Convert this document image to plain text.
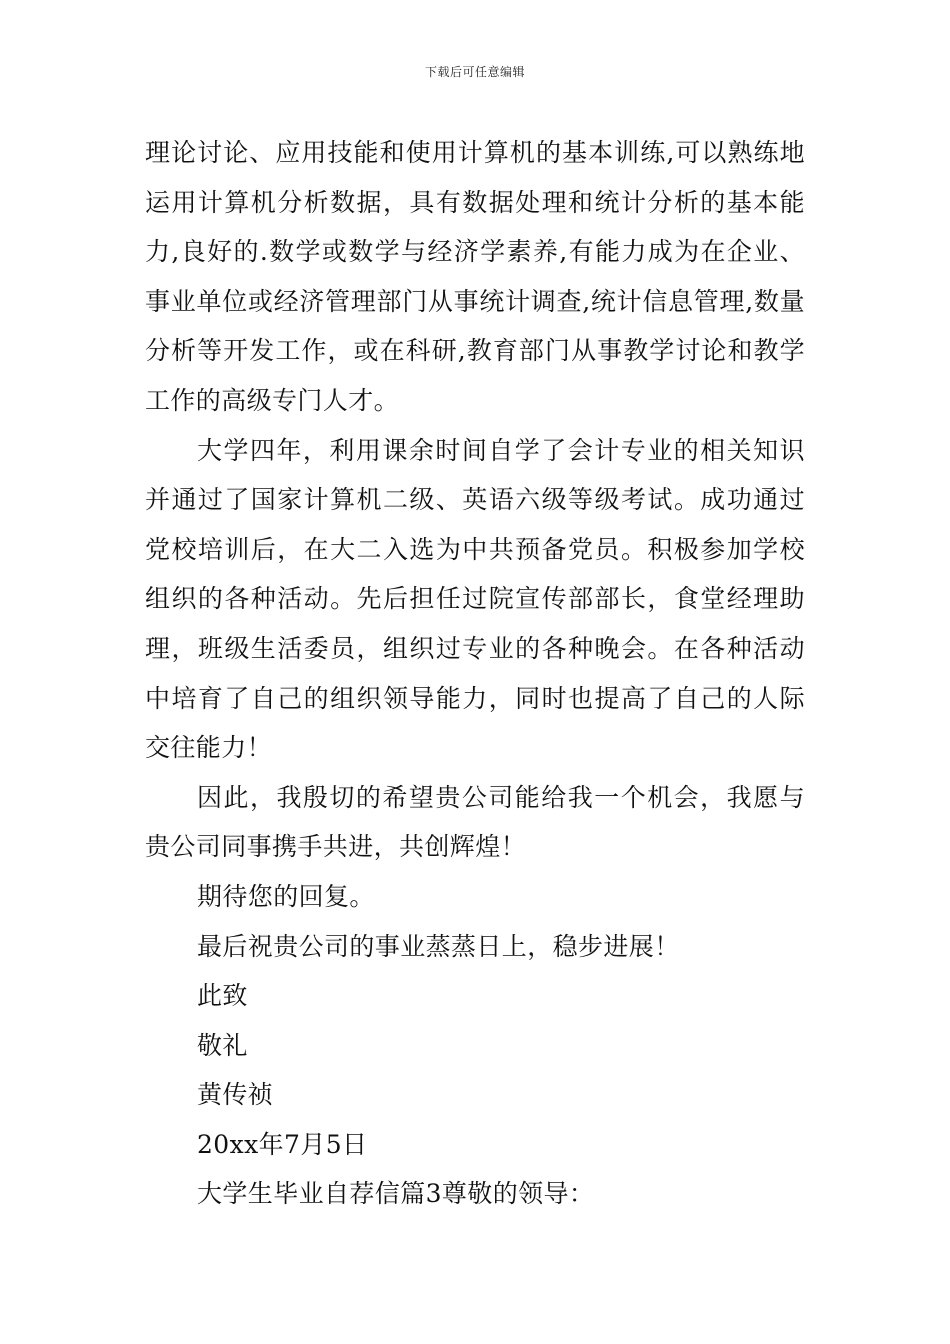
下载后可任意编辑

理论讨论、应用技能和使用计算机的基本训练,可以熟练地运用计算机分析数据，具有数据处理和统计分析的基本能力,良好的.数学或数学与经济学素养,有能力成为在企业、事业单位或经济管理部门从事统计调查,统计信息管理,数量分析等开发工作，或在科研,教育部门从事教学讨论和教学工作的高级专门人才。

大学四年，利用课余时间自学了会计专业的相关知识并通过了国家计算机二级、英语六级等级考试。成功通过党校培训后，在大二入选为中共预备党员。积极参加学校组织的各种活动。先后担任过院宣传部部长，食堂经理助理，班级生活委员，组织过专业的各种晚会。在各种活动中培育了自己的组织领导能力，同时也提高了自己的人际交往能力！

因此，我殷切的希望贵公司能给我一个机会，我愿与贵公司同事携手共进，共创辉煌！

期待您的回复。

最后祝贵公司的事业蒸蒸日上，稳步进展！

此致

敬礼

黄传祯

20xx年7月5日

大学生毕业自荐信篇3尊敬的领导：
